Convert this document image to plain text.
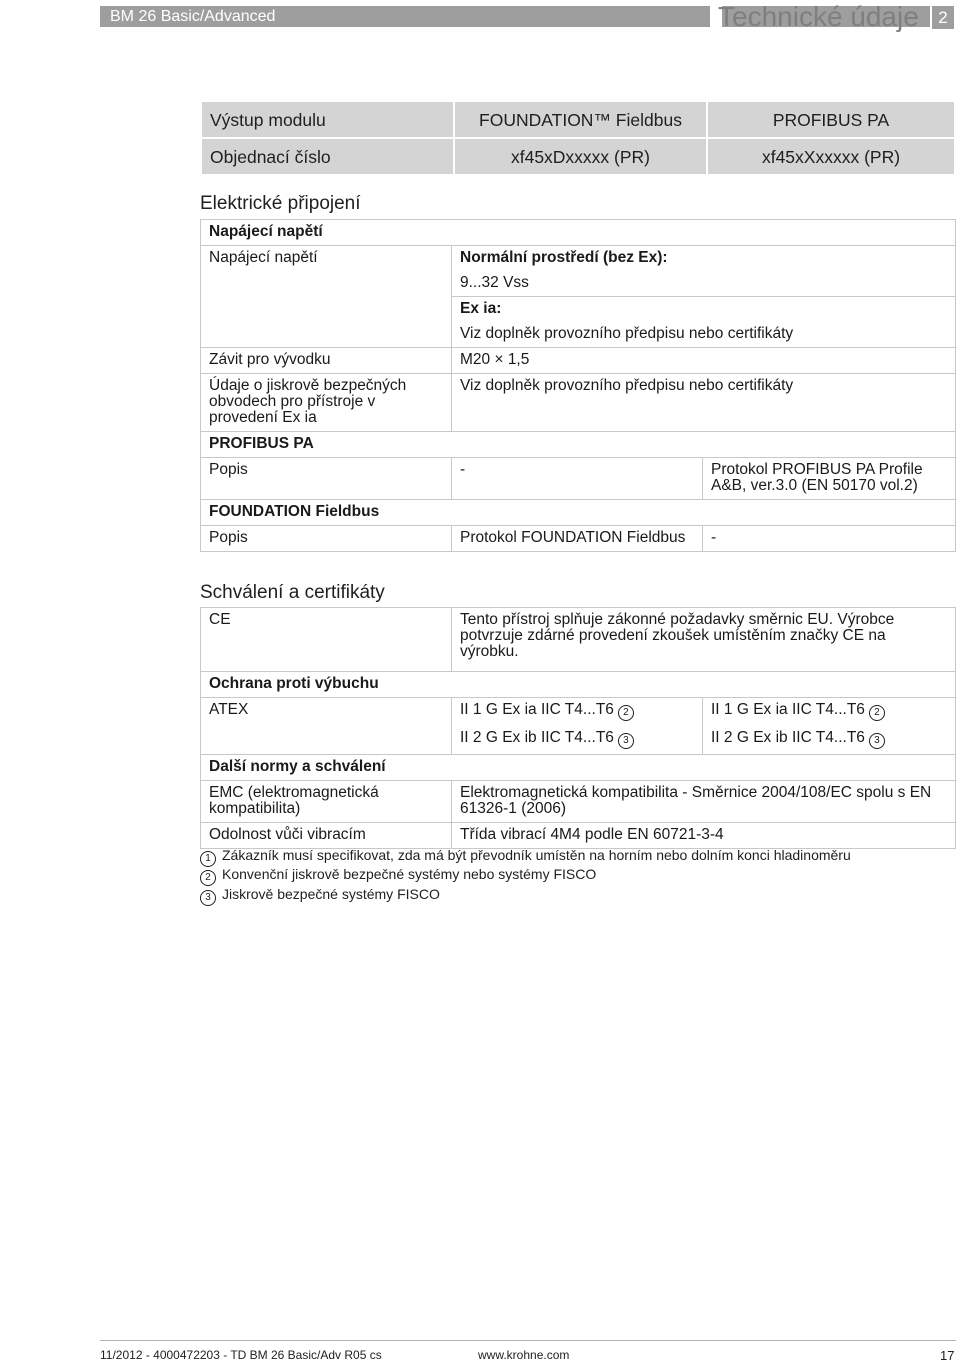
BM 26 Basic/Advanced	Technické údaje	2
Výstup modulu	FOUNDATION™ Fieldbus	PROFIBUS PA
Objednací číslo	xf45xDxxxxx (PR)	xf45xXxxxxx (PR)
Elektrické připojení
Napájecí napětí		
Napájecí napětí	Normální prostředí (bez Ex):	
	9...32 Vss	
	Ex ia:	
	Viz doplněk provozního předpisu nebo certifikáty	
Závit pro vývodku	M20 × 1,5	
Údaje o jiskrově bezpečných obvodech pro přístroje v provedení Ex ia	Viz doplněk provozního předpisu nebo certifikáty	
PROFIBUS PA		
Popis	-	Protokol PROFIBUS PA Profile A&B, ver.3.0 (EN 50170 vol.2)
FOUNDATION Fieldbus		
Popis	Protokol FOUNDATION Fieldbus	-
Schválení a certifikáty
CE	Tento přístroj splňuje zákonné požadavky směrnic EU. Výrobce potvrzuje zdárné provedení zkoušek umístěním značky CE na výrobku.	
Ochrana proti výbuchu		
ATEX	II 1 G Ex ia IIC T4...T6 2	II 1 G Ex ia IIC T4...T6 2
	II 2 G Ex ib IIC T4...T6 3	II 2 G Ex ib IIC T4...T6 3
Další normy a schválení		
EMC (elektromagnetická kompatibilita)	Elektromagnetická kompatibilita - Směrnice 2004/108/EC spolu s EN 61326-1 (2006)	
Odolnost vůči vibracím	Třída vibrací 4M4 podle EN 60721-3-4	
1 Zákazník musí specifikovat, zda má být převodník umístěn na horním nebo dolním konci hladinoměru
2 Konvenční jiskrově bezpečné systémy nebo systémy FISCO
3 Jiskrově bezpečné systémy FISCO
11/2012 - 4000472203 - TD BM 26 Basic/Adv R05 cs	www.krohne.com	17
